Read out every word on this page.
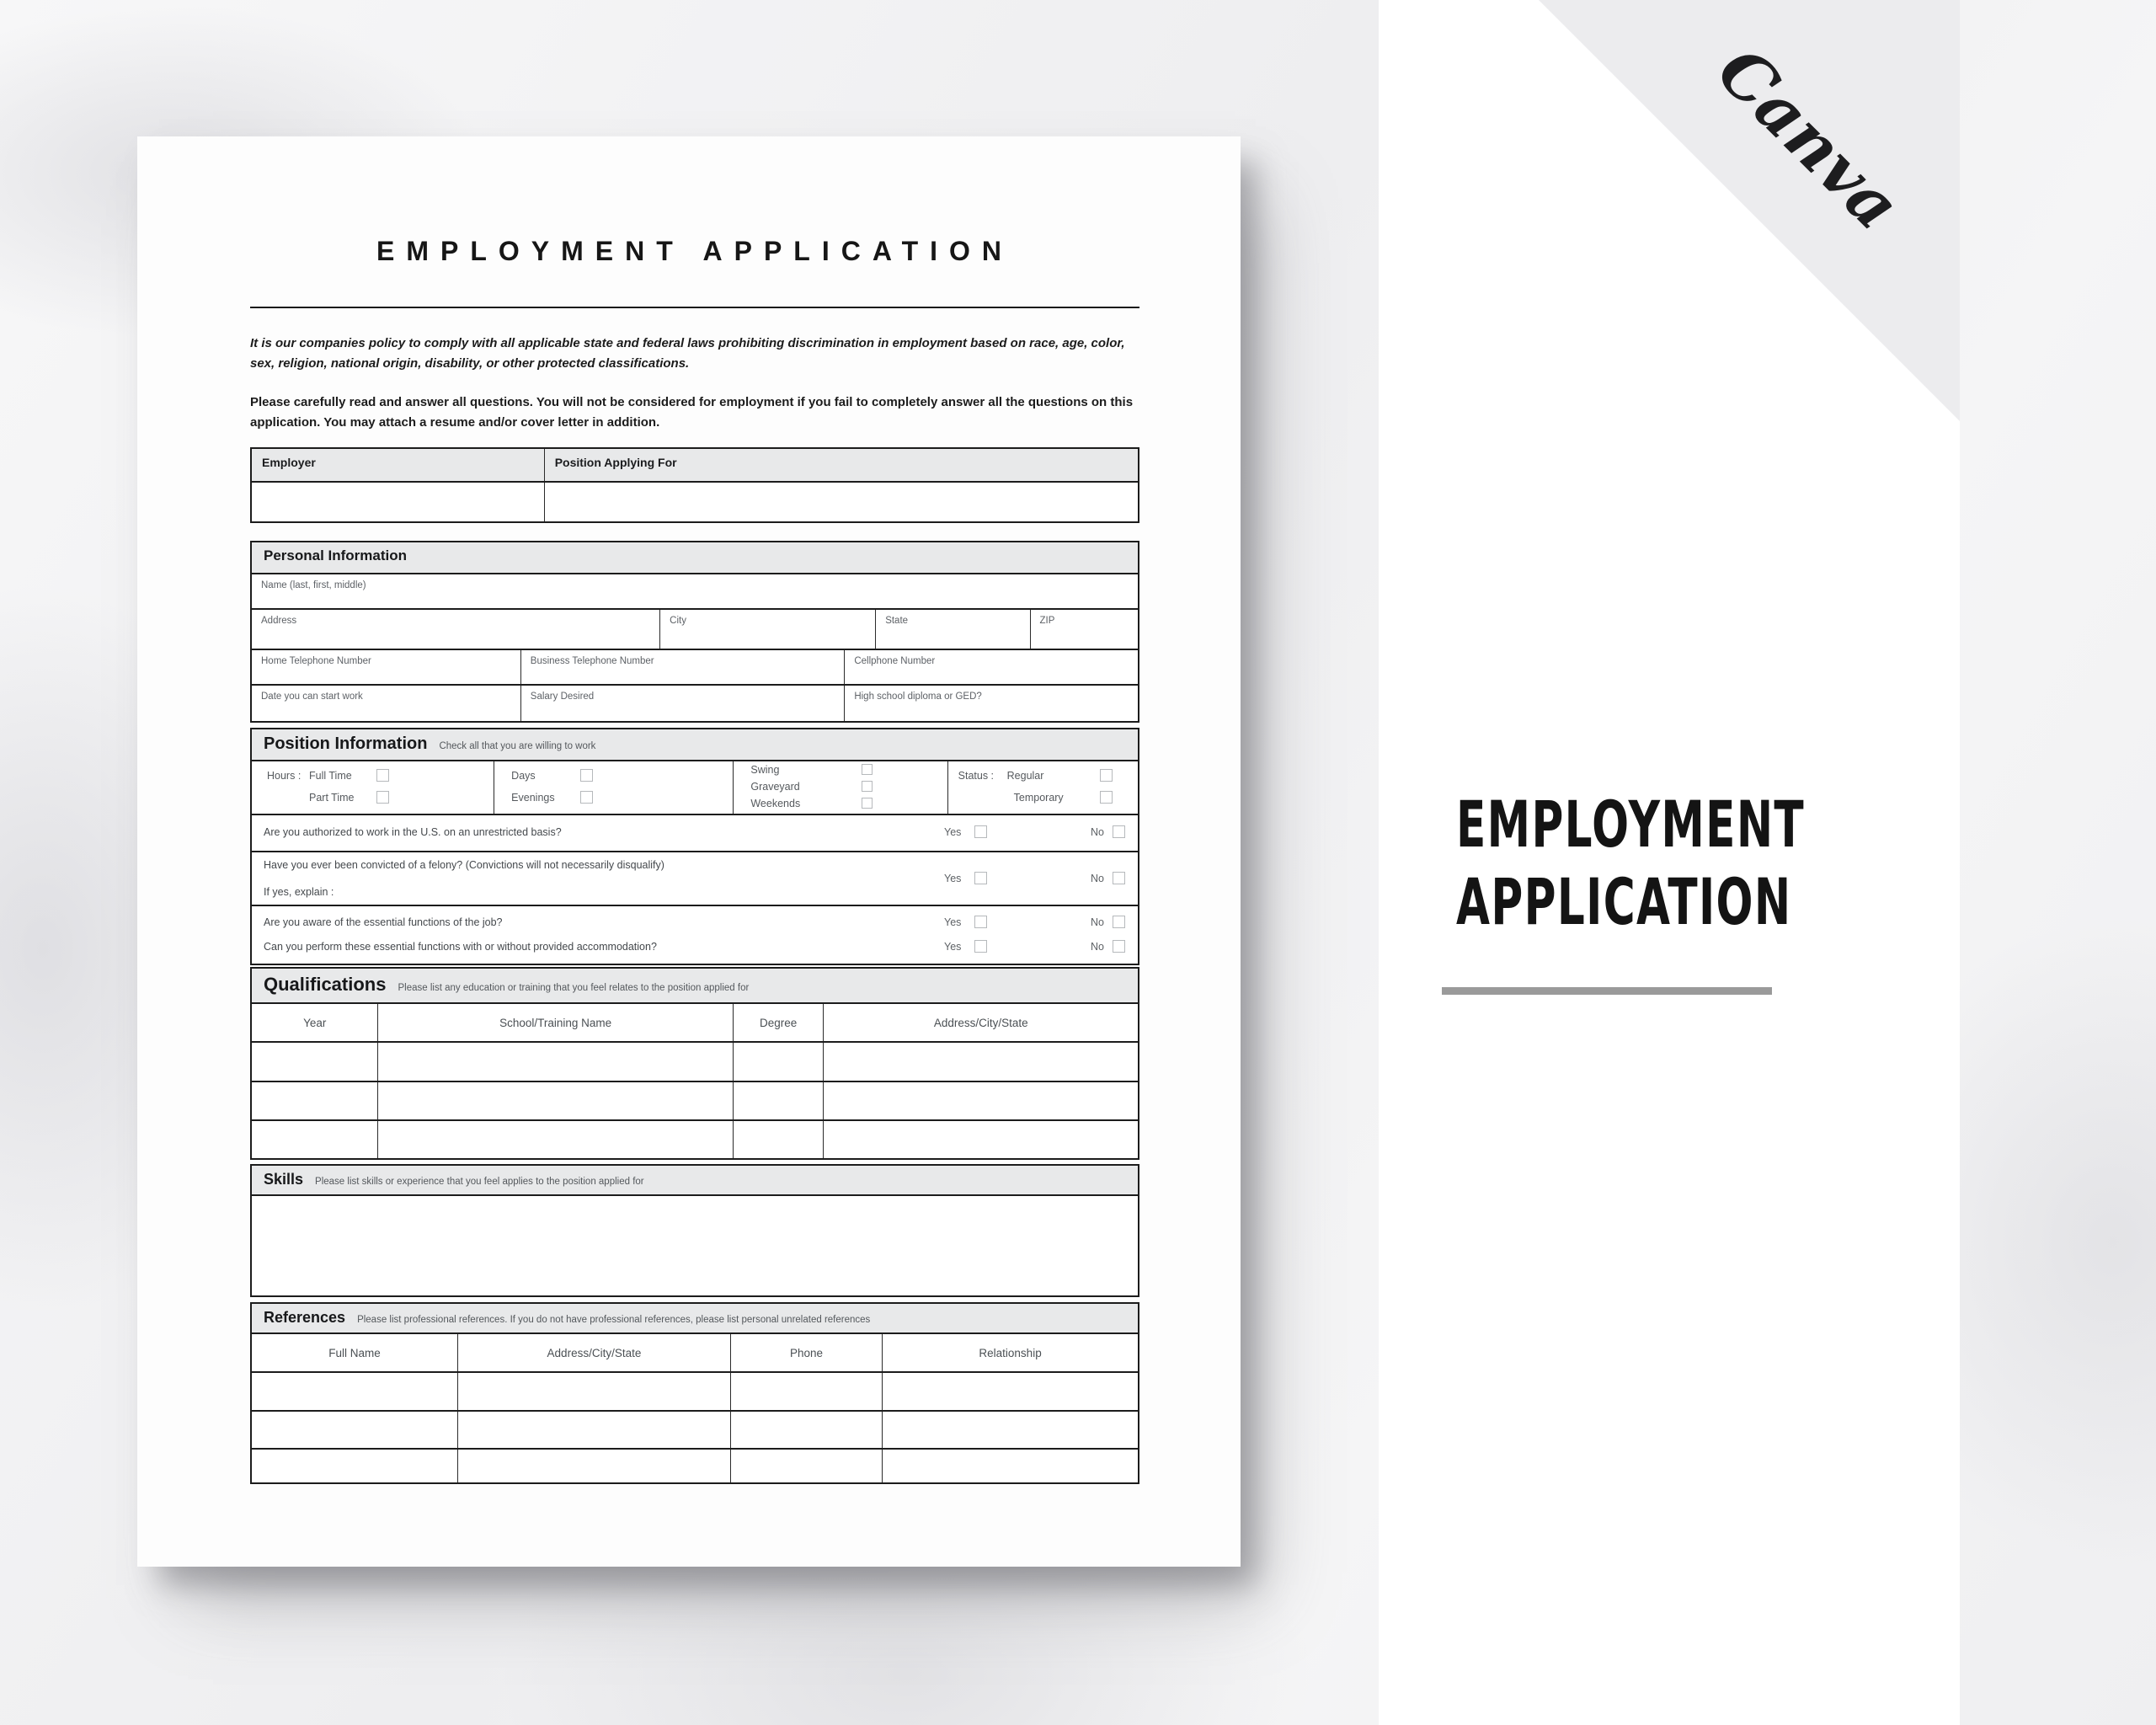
EMPLOYMENT APPLICATION

It is our companies policy to comply with all applicable state and federal laws prohibiting discrimination in employment based on race, age, color, sex, religion, national origin, disability, or other protected classifications.

Please carefully read and answer all questions. You will not be considered for employment if you fail to completely answer all the questions on this application. You may attach a resume and/or cover letter in addition.

Employer	Position Applying For
Personal Information
Name (last, first, middle)
Address	City	State	ZIP
Home Telephone Number	Business Telephone Number	Cellphone Number
Date you can start work	Salary Desired	High school diploma or GED?
Position Information Check all that you are willing to work
Hours : Full Time
Part Time
Days
Evenings
Swing
Graveyard
Weekends
Status : Regular
Temporary
Are you authorized to work in the U.S. on an unrestricted basis?	Yes	No
Have you ever been convicted of a felony? (Convictions will not necessarily disqualify)
Yes	No
If yes, explain :
Are you aware of the essential functions of the job?	Yes	No
Can you perform these essential functions with or without provided accommodation?	Yes	No
Qualifications Please list any education or training that you feel relates to the position applied for
Year	School/Training Name	Degree	Address/City/State
Skills Please list skills or experience that you feel applies to the position applied for
References Please list professional references. If you do not have professional references, please list personal unrelated references
Full Name	Address/City/State	Phone	Relationship
Canva
EMPLOYMENT
APPLICATION
